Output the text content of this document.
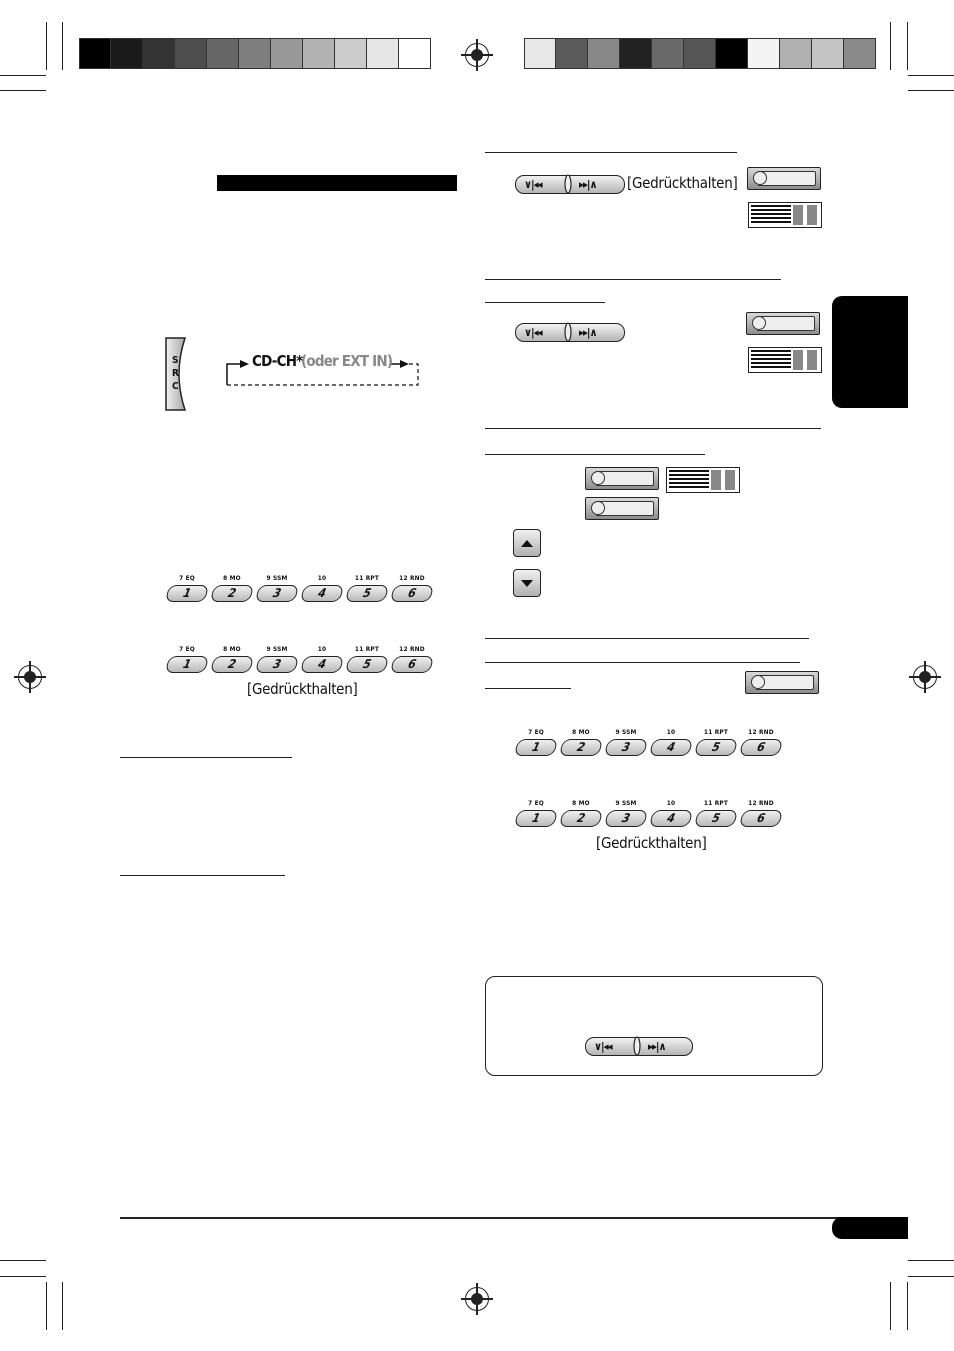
S
R
C
CD-CH*
(oder EXT IN)
7 EQ
1
8 MO
2
9 SSM
3
10
4
11 RPT
5
12 RND
6
7 EQ
1
8 MO
2
9 SSM
3
10
4
11 RPT
5
12 RND
6
[Gedrückthalten]
∨|◂◂	▸▸|∧ [Gedrückthalten]
∨|◂◂	▸▸|∧
7 EQ
1
8 MO
2
9 SSM
3
10
4
11 RPT
5
12 RND
6
7 EQ
1
8 MO
2
9 SSM
3
10
4
11 RPT
5
12 RND
6
[Gedrückthalten]
∨|◂◂	▸▸|∧
